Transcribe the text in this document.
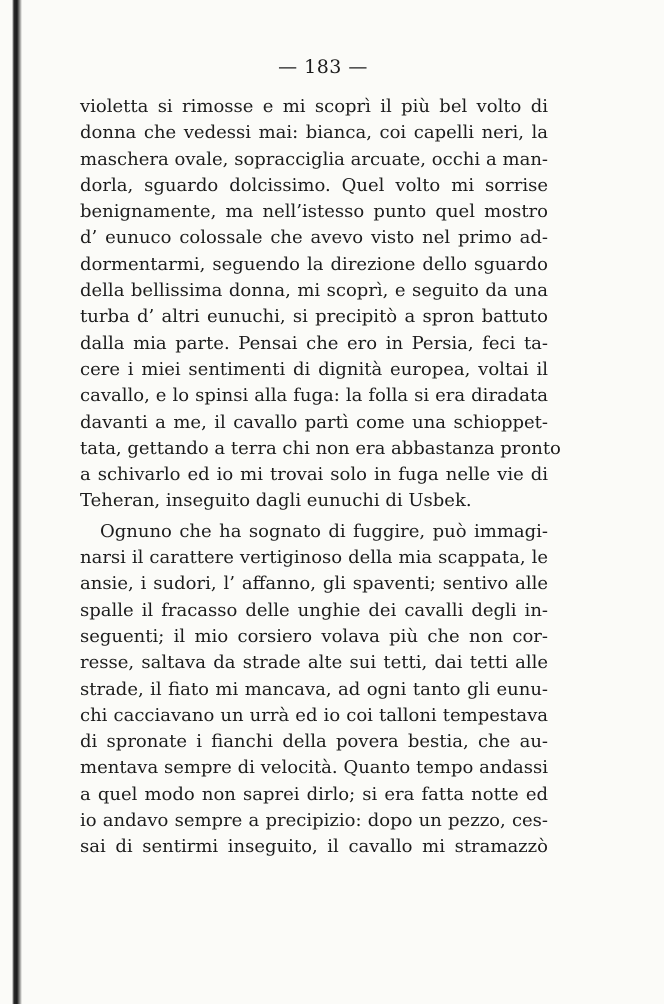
— 183 —
violetta si rimosse e mi scoprì il più bel volto di
donna che vedessi mai: bianca, coi capelli neri, la
maschera ovale, sopracciglia arcuate, occhi a man-
dorla, sguardo dolcissimo. Quel volto mi sorrise
benignamente, ma nell’istesso punto quel mostro
d’ eunuco colossale che avevo visto nel primo ad-
dormentarmi, seguendo la direzione dello sguardo
della bellissima donna, mi scoprì, e seguito da una
turba d’ altri eunuchi, si precipitò a spron battuto
dalla mia parte. Pensai che ero in Persia, feci ta-
cere i miei sentimenti di dignità europea, voltai il
cavallo, e lo spinsi alla fuga: la folla si era diradata
davanti a me, il cavallo partì come una schioppet-
tata, gettando a terra chi non era abbastanza pronto
a schivarlo ed io mi trovai solo in fuga nelle vie di
Teheran, inseguito dagli eunuchi di Usbek.
Ognuno che ha sognato di fuggire, può immagi-
narsi il carattere vertiginoso della mia scappata, le
ansie, i sudori, l’ affanno, gli spaventi; sentivo alle
spalle il fracasso delle unghie dei cavalli degli in-
seguenti; il mio corsiero volava più che non cor-
resse, saltava da strade alte sui tetti, dai tetti alle
strade, il fiato mi mancava, ad ogni tanto gli eunu-
chi cacciavano un urrà ed io coi talloni tempestava
di spronate i fianchi della povera bestia, che au-
mentava sempre di velocità. Quanto tempo andassi
a quel modo non saprei dirlo; si era fatta notte ed
io andavo sempre a precipizio: dopo un pezzo, ces-
sai di sentirmi inseguito, il cavallo mi stramazzò
